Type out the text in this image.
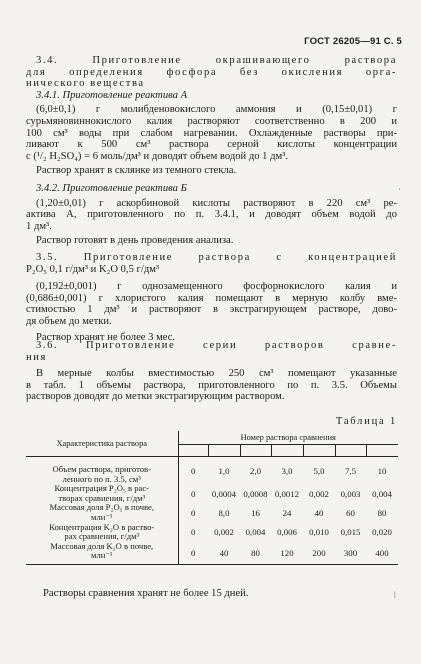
ГОСТ 26205—91 С. 5
3.4. Приготовление окрашивающего раствора
для определения фосфора без окисления орга-
нического вещества
3.4.1. Приготовление реактива А
(6,0±0,1) г молибденовокислого аммония и (0,15±0,01) г
сурьмяновиннокислого калия растворяют соответственно в 200 и
100 см³ воды при слабом нагревании. Охлажденные растворы при-
ливают к 500 см³ раствора серной кислоты концентрации
с (¹/₂ H₂SO₄) = 6 моль/дм³ и доводят объем водой до 1 дм³.
Раствор хранят в склянке из темного стекла.
3.4.2. Приготовление реактива Б
(1,20±0,01) г аскорбиновой кислоты растворяют в 220 см³ ре-
актива А, приготовленного по п. 3.4.1, и доводят объем водой до
1 дм³.
Раствор готовят в день проведения анализа.
3.5. Приготовление раствора с концентрацией
P₂O₅ 0,1 г/дм³ и K₂O 0,5 г/дм³
(0,192±0,001) г однозамещенного фосфорнокислого калия и
(0,686±0,001) г хлористого калия помещают в мерную колбу вме-
стимостью 1 дм³ и растворяют в экстрагирующем растворе, дово-
дя объем до метки.
Раствор хранят не более 3 мес.
3.6. Приготовление серии растворов сравне-
ния
В мерные колбы вместимостью 250 см³ помещают указанные
в табл. 1 объемы раствора, приготовленного по п. 3.5. Объемы
растворов доводят до метки экстрагирующим раствором.
Таблица 1
Характеристика раствора	Номер раствора сравнения						

Объем раствора, приготов-
ленного по п. 3.5, см³	0	1,0	2,0	3,0	5,0	7,5	10

Концентрация P₂O₅ в рас-
творах сравнения, г/дм³	0	0,0004	0,0008	0,0012	0,002	0,003	0,004

Массовая доля P₂O₅ в почве,
млн⁻¹	0	8,0	16	24	40	60	80

Концентрация K₂O в раство-
рах сравнения, г/дм³	0	0,002	0,004	0,006	0,010	0,015	0,020

Массовая доля K₂O в почве,
млн⁻¹	0	40	80	120	200	300	400
Растворы сравнения хранят не более 15 дней.
ˌ
ǀ
